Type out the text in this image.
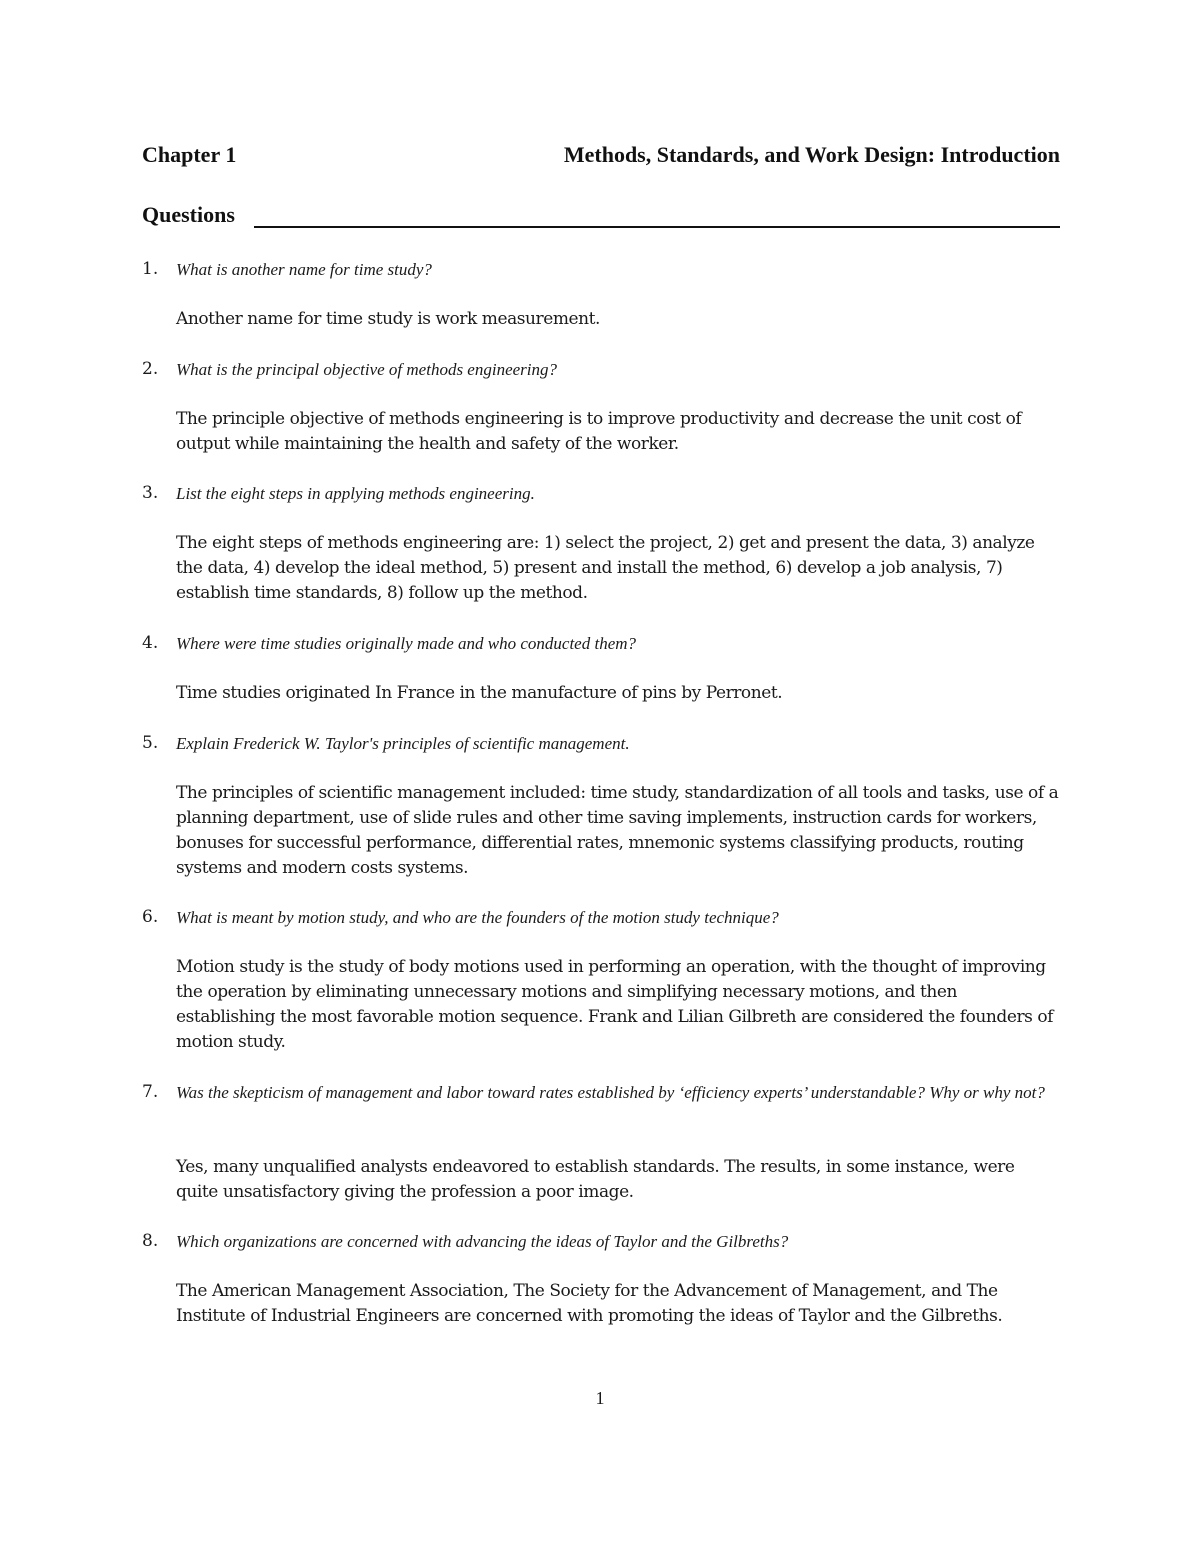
Chapter 1	Methods, Standards, and Work Design: Introduction
Questions
1. What is another name for time study?
Another name for time study is work measurement.
2. What is the principal objective of methods engineering?
The principle objective of methods engineering is to improve productivity and decrease the unit cost of output while maintaining the health and safety of the worker.
3. List the eight steps in applying methods engineering.
The eight steps of methods engineering are: 1) select the project, 2) get and present the data, 3) analyze the data, 4) develop the ideal method, 5) present and install the method, 6) develop a job analysis, 7) establish time standards, 8) follow up the method.
4. Where were time studies originally made and who conducted them?
Time studies originated In France in the manufacture of pins by Perronet.
5. Explain Frederick W. Taylor's principles of scientific management.
The principles of scientific management included: time study, standardization of all tools and tasks, use of a planning department, use of slide rules and other time saving implements, instruction cards for workers, bonuses for successful performance, differential rates, mnemonic systems classifying products, routing systems and modern costs systems.
6. What is meant by motion study, and who are the founders of the motion study technique?
Motion study is the study of body motions used in performing an operation, with the thought of improving the operation by eliminating unnecessary motions and simplifying necessary motions, and then establishing the most favorable motion sequence. Frank and Lilian Gilbreth are considered the founders of motion study.
7. Was the skepticism of management and labor toward rates established by ‘efficiency experts’ understandable? Why or why not?
Yes, many unqualified analysts endeavored to establish standards. The results, in some instance, were quite unsatisfactory giving the profession a poor image.
8. Which organizations are concerned with advancing the ideas of Taylor and the Gilbreths?
The American Management Association, The Society for the Advancement of Management, and The Institute of Industrial Engineers are concerned with promoting the ideas of Taylor and the Gilbreths.
1
